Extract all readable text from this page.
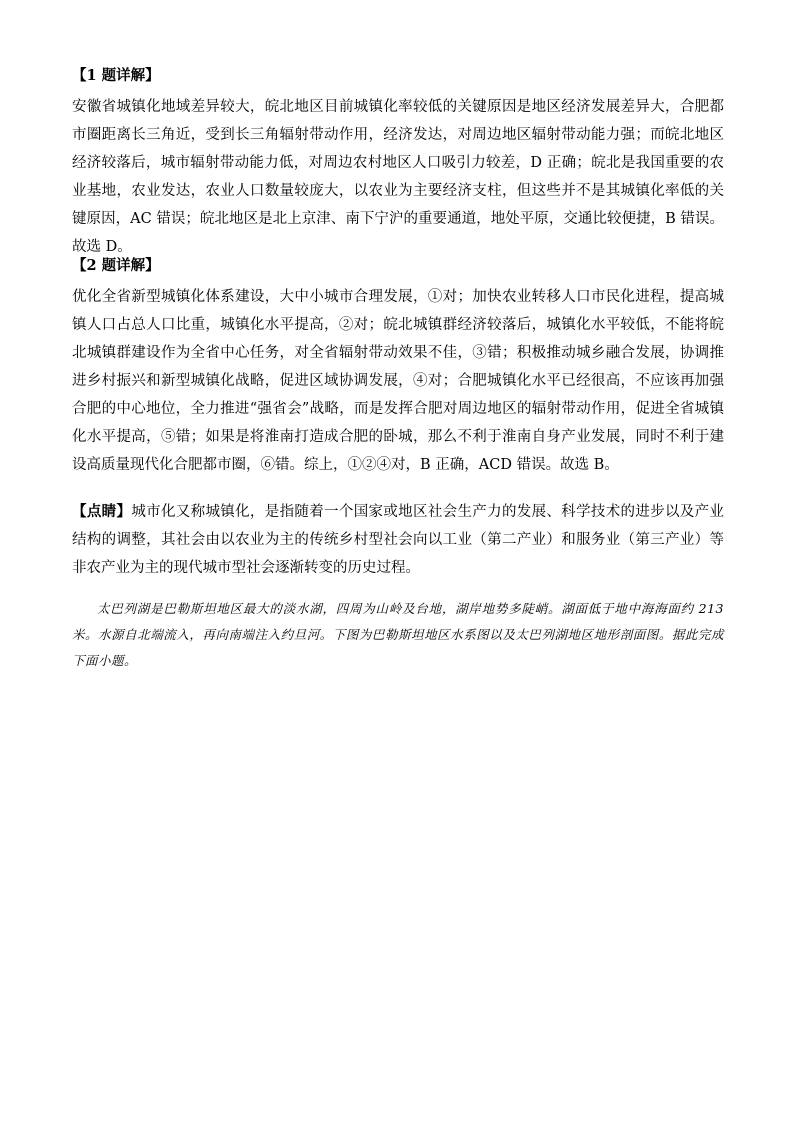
【1 题详解】

安徽省城镇化地域差异较大，皖北地区目前城镇化率较低的关键原因是地区经济发展差异大，合肥都市圈距离长三角近，受到长三角辐射带动作用，经济发达，对周边地区辐射带动能力强；而皖北地区经济较落后，城市辐射带动能力低，对周边农村地区人口吸引力较差，D 正确；皖北是我国重要的农业基地，农业发达，农业人口数量较庞大，以农业为主要经济支柱，但这些并不是其城镇化率低的关键原因，AC 错误；皖北地区是北上京津、南下宁沪的重要通道，地处平原，交通比较便捷，B 错误。故选 D。

【2 题详解】

优化全省新型城镇化体系建设，大中小城市合理发展，①对；加快农业转移人口市民化进程，提高城镇人口占总人口比重，城镇化水平提高，②对；皖北城镇群经济较落后，城镇化水平较低，不能将皖北城镇群建设作为全省中心任务，对全省辐射带动效果不佳，③错；积极推动城乡融合发展，协调推进乡村振兴和新型城镇化战略，促进区域协调发展，④对；合肥城镇化水平已经很高，不应该再加强合肥的中心地位，全力推进“强省会”战略，而是发挥合肥对周边地区的辐射带动作用，促进全省城镇化水平提高，⑤错；如果是将淮南打造成合肥的卧城，那么不利于淮南自身产业发展，同时不利于建设高质量现代化合肥都市圈，⑥错。综上，①②④对，B 正确，ACD 错误。故选 B。

【点睛】城市化又称城镇化，是指随着一个国家或地区社会生产力的发展、科学技术的进步以及产业结构的调整，其社会由以农业为主的传统乡村型社会向以工业（第二产业）和服务业（第三产业）等非农产业为主的现代城市型社会逐渐转变的历史过程。

太巴列湖是巴勒斯坦地区最大的淡水湖，四周为山岭及台地，湖岸地势多陡峭。湖面低于地中海海面约 213 米。水源自北端流入，再向南端注入约旦河。下图为巴勒斯坦地区水系图以及太巴列湖地区地形剖面图。据此完成下面小题。
